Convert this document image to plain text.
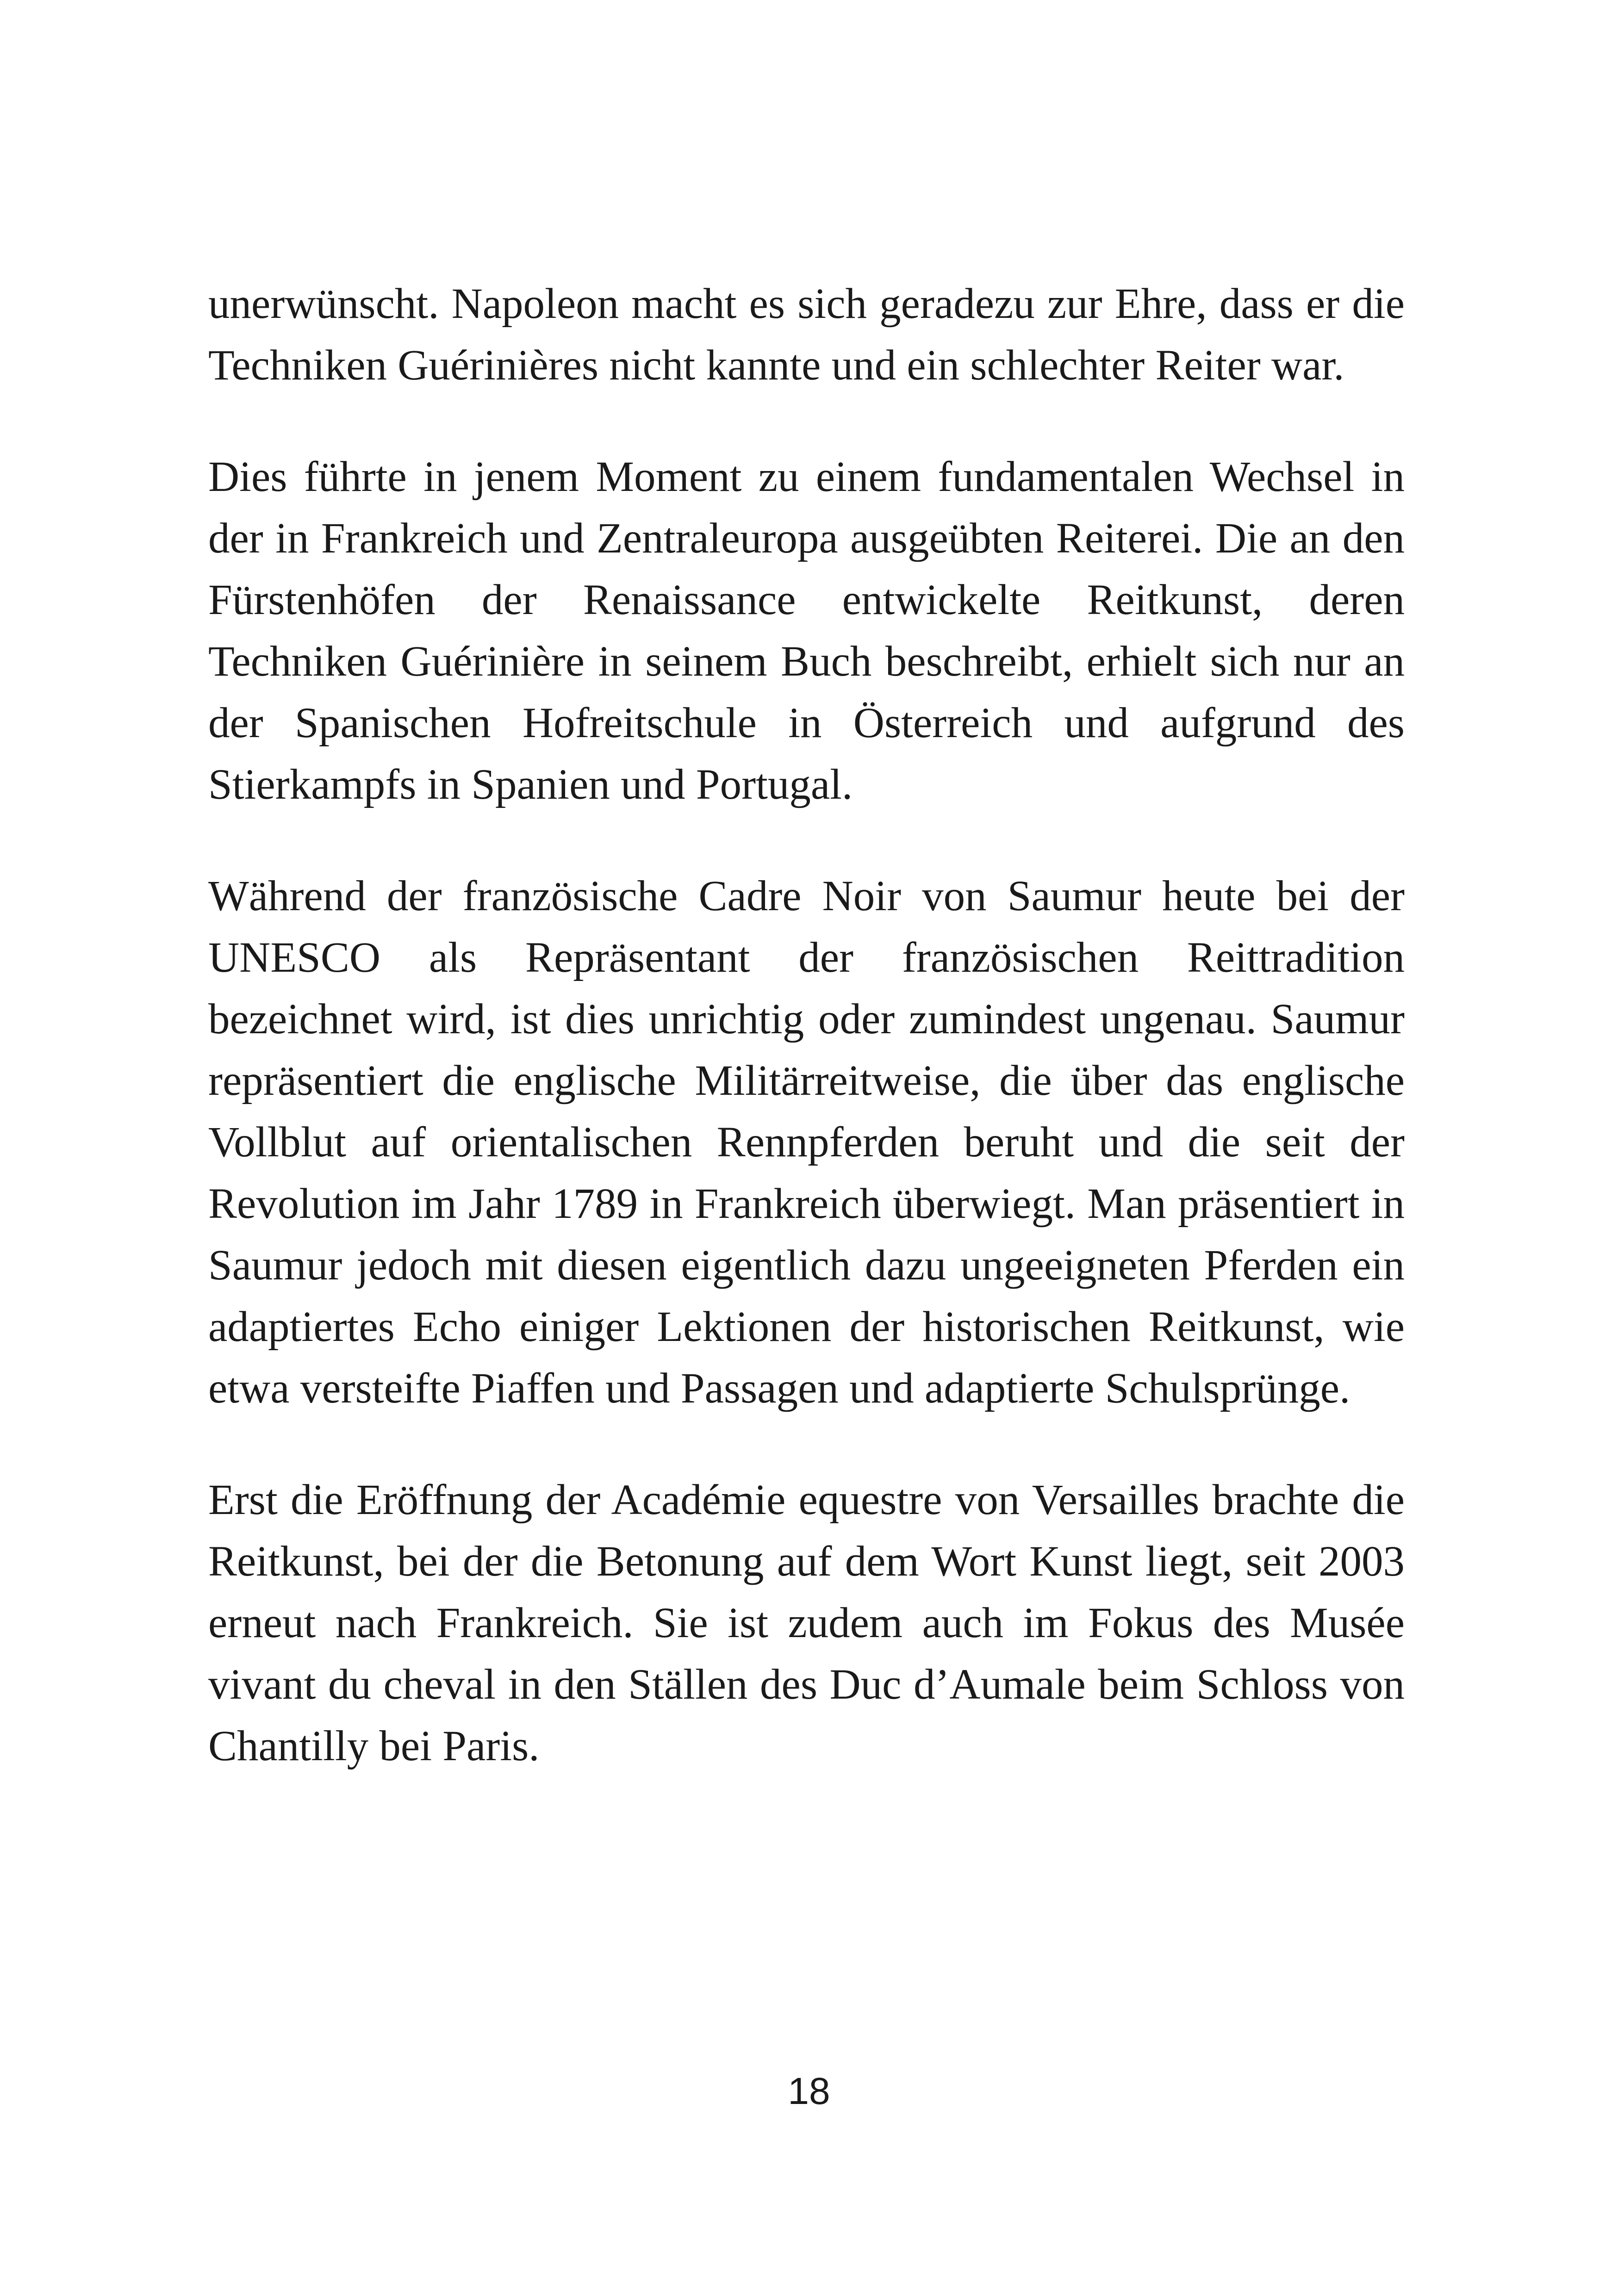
unerwünscht. Napoleon macht es sich geradezu zur Ehre, dass er die Techniken Guérinières nicht kannte und ein schlechter Reiter war.

Dies führte in jenem Moment zu einem fundamentalen Wechsel in der in Frankreich und Zentraleuropa ausgeübten Reiterei. Die an den Fürstenhöfen der Renaissance entwickelte Reitkunst, deren Techniken Guérinière in seinem Buch beschreibt, erhielt sich nur an der Spanischen Hofreitschule in Österreich und aufgrund des Stierkampfs in Spanien und Portugal.

Während der französische Cadre Noir von Saumur heute bei der UNESCO als Repräsentant der französischen Reittradition bezeichnet wird, ist dies unrichtig oder zumindest ungenau. Saumur repräsentiert die englische Militärreitweise, die über das englische Vollblut auf orientalischen Rennpferden beruht und die seit der Revolution im Jahr 1789 in Frankreich überwiegt. Man präsentiert in Saumur jedoch mit diesen eigentlich dazu ungeeigneten Pferden ein adaptiertes Echo einiger Lektionen der historischen Reitkunst, wie etwa versteifte Piaffen und Passagen und adaptierte Schulsprünge.

Erst die Eröffnung der Académie equestre von Versailles brachte die Reitkunst, bei der die Betonung auf dem Wort Kunst liegt, seit 2003 erneut nach Frankreich. Sie ist zudem auch im Fokus des Musée vivant du cheval in den Ställen des Duc d’Aumale beim Schloss von Chantilly bei Paris.

18
